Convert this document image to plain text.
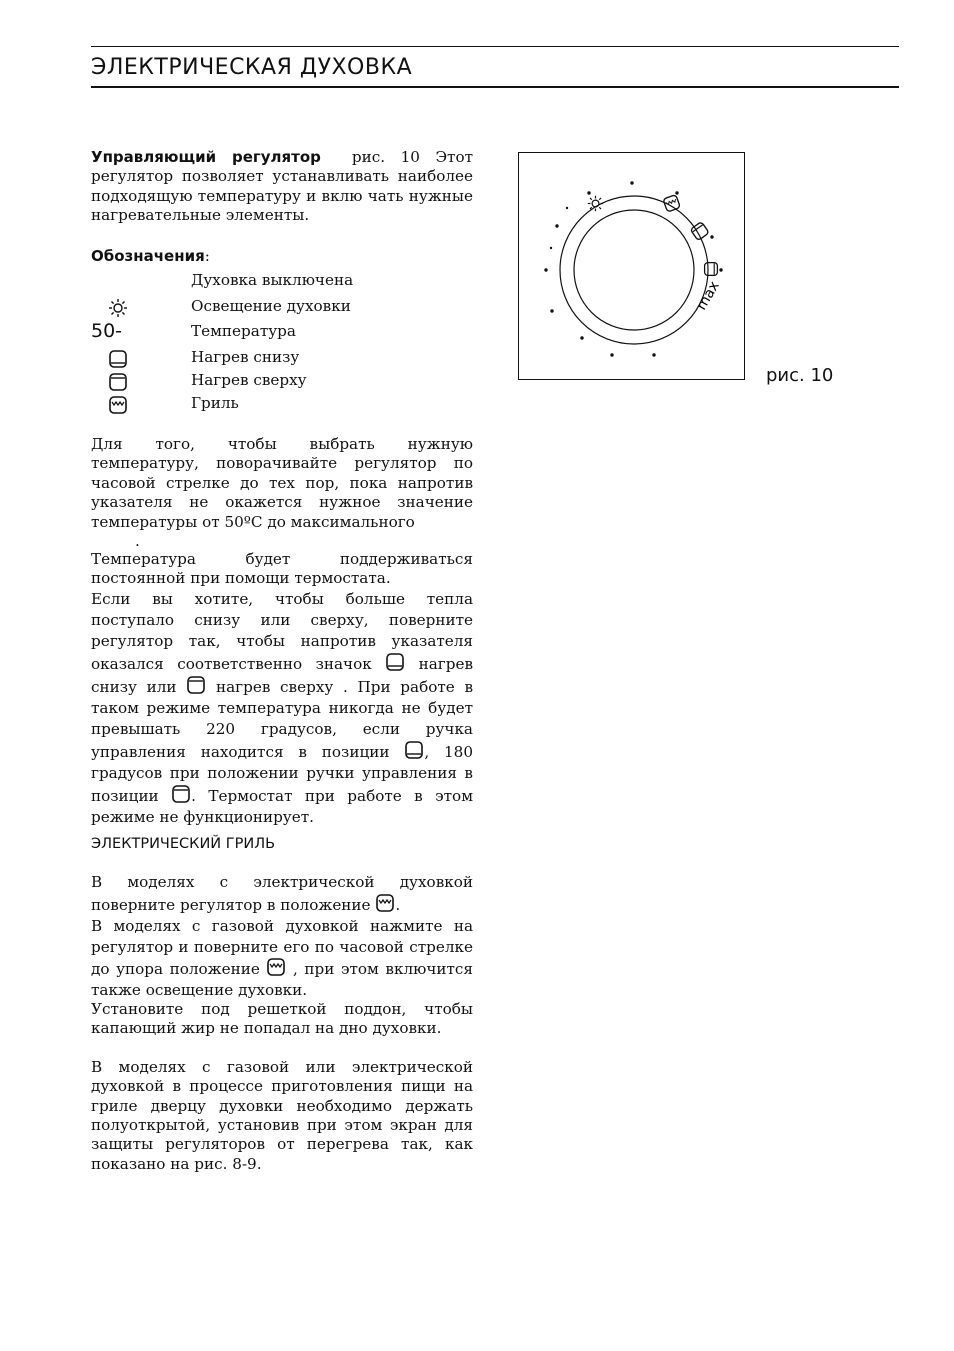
ЭЛЕКТРИЧЕСКАЯ ДУХОВКА

Управляющий регулятор рис. 10 Этот регулятор позволяет устанавливать наиболее подходящую температуру и вклю чать нужные нагревательные элементы.

Обозначения:
Духовка выключена
Освещение духовки
50-	Температура
Нагрев снизу
Нагрев сверху
Гриль

Для того, чтобы выбрать нужную температуру, поворачивайте регулятор по часовой стрелке до тех пор, пока напротив указателя не окажется нужное значение температуры от 50ºС до максимального

.

Температура будет поддерживаться постоянной при помощи термостата.

Если вы хотите, чтобы больше тепла поступало снизу или сверху, поверните регулятор так, чтобы напротив указателя оказался соответственно значок	нагрев снизу или	нагрев сверху . При работе в таком режиме температура никогда не будет превышать 220 градусов, если ручка управления находится в позиции , 180 градусов при положении ручки управления в позиции . Термостат при работе в этом режиме не функционирует.

ЭЛЕКТРИЧЕСКИЙ ГРИЛЬ

В моделях с электрической духовкой поверните регулятор в положение .

В моделях с газовой духовкой нажмите на регулятор и поверните его по часовой стрелке до упора положение , при этом включится также освещение духовки.

Установите под решеткой поддон, чтобы капающий жир не попадал на дно духовки.

В моделях с газовой или электрической духовкой в процессе приготовления пищи на гриле дверцу духовки необходимо держать полуоткрытой, установив при этом экран для защиты регуляторов от перегрева так, как показано на рис. 8-9.

max
рис. 10
